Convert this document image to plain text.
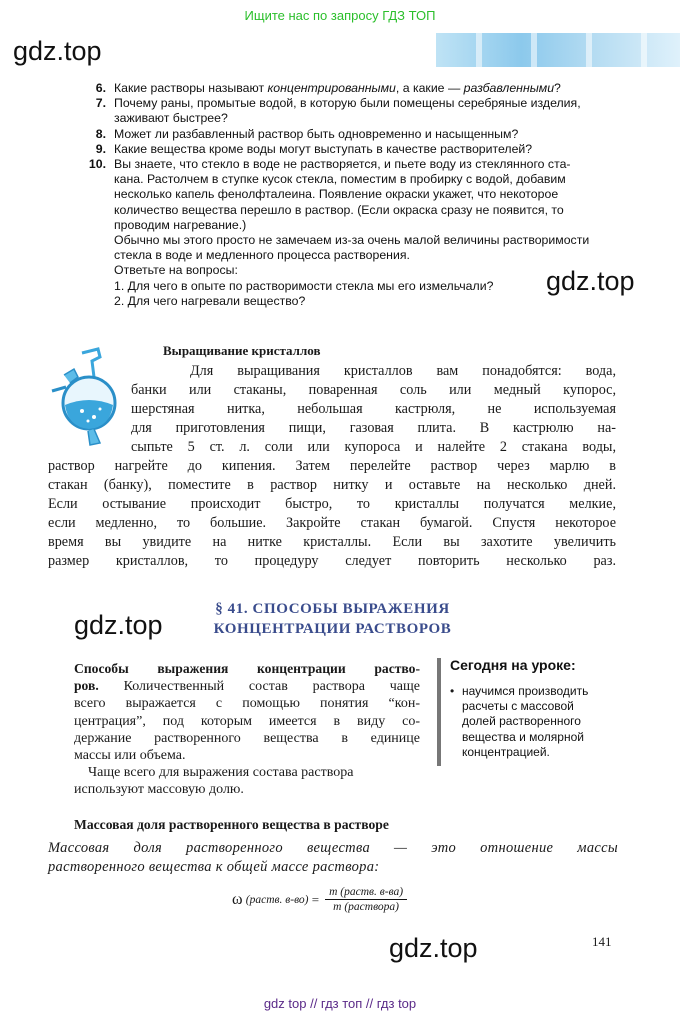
Ищите нас по запросу ГДЗ ТОП
gdz.top
gdz.top
gdz.top
gdz.top
6. Какие растворы называют концентрированными, а какие — разбавленными?
7. Почему раны, промытые водой, в которую были помещены серебряные изделия,
заживают быстрее?
8. Может ли разбавленный раствор быть одновременно и насыщенным?
9. Какие вещества кроме воды могут выступать в качестве растворителей?
10. Вы знаете, что стекло в воде не растворяется, и пьете воду из стеклянного ста-
кана. Растолчем в ступке кусок стекла, поместим в пробирку с водой, добавим
несколько капель фенолфталеина. Появление окраски укажет, что некоторое
количество вещества перешло в раствор. (Если окраска сразу не появится, то
проводим нагревание.)
Обычно мы этого просто не замечаем из-за очень малой величины растворимости
стекла в воде и медленного процесса растворения.
Ответьте на вопросы:
1. Для чего в опыте по растворимости стекла мы его измельчали?
2. Для чего нагревали вещество?
Выращивание кристаллов
Для выращивания кристаллов вам понадобятся: вода,
банки или стаканы, поваренная соль или медный купорос,
шерстяная нитка, небольшая кастрюля, не используемая
для приготовления пищи, газовая плита. В кастрюлю на-
сыпьте 5 ст. л. соли или купороса и налейте 2 стакана воды,
раствор нагрейте до кипения. Затем перелейте раствор через марлю в
стакан (банку), поместите в раствор нитку и оставьте на несколько дней.
Если остывание происходит быстро, то кристаллы получатся мелкие,
если медленно, то большие. Закройте стакан бумагой. Спустя некоторое
время вы увидите на нитке кристаллы. Если вы захотите увеличить
размер кристаллов, то процедуру следует повторить несколько раз.
§ 41. СПОСОБЫ ВЫРАЖЕНИЯ
КОНЦЕНТРАЦИИ РАСТВОРОВ
Способы выражения концентрации раство-
ров. Количественный состав раствора чаще
всего выражается с помощью понятия “кон-
центрация”, под которым имеется в виду со-
держание растворенного вещества в единице
массы или объема.
Чаще всего для выражения состава раствора
используют массовую долю.
Сегодня на уроке:
• научимся производить
расчеты с массовой
долей растворенного
вещества и молярной
концентрацией.
Массовая доля растворенного вещества в растворе
Массовая доля растворенного вещества — это отношение массы
растворенного вещества к общей массе раствора:
ω
(раств. в-во)
= $\frac{\text{m (раств. в-ва)}}{\text{m (раствора)}}$
141
gdz top // гдз топ // гдз top
